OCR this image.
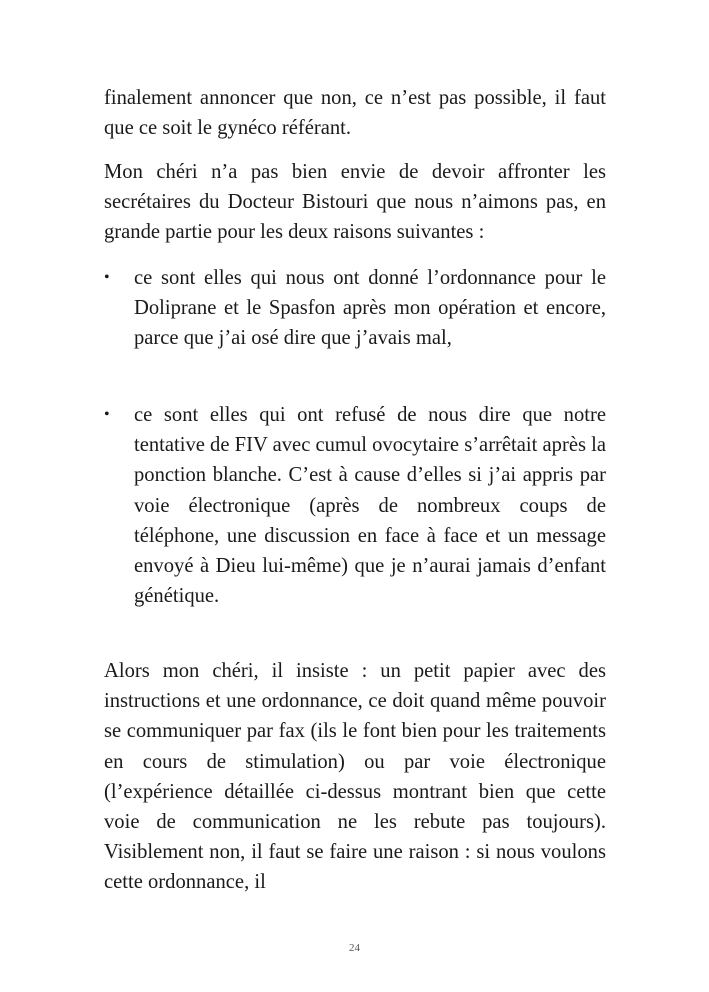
finalement annoncer que non, ce n’est pas possible, il faut que ce soit le gynéco référant.

Mon chéri n’a pas bien envie de devoir affronter les secrétaires du Docteur Bistouri que nous n’aimons pas, en grande partie pour les deux raisons suivantes :

• ce sont elles qui nous ont donné l’ordonnance pour le Doliprane et le Spasfon après mon opération et encore, parce que j’ai osé dire que j’avais mal,
• ce sont elles qui ont refusé de nous dire que notre tentative de FIV avec cumul ovocytaire s’arrêtait après la ponction blanche. C’est à cause d’elles si j’ai appris par voie électronique (après de nombreux coups de téléphone, une discussion en face à face et un message envoyé à Dieu lui-même) que je n’aurai jamais d’enfant génétique.

Alors mon chéri, il insiste : un petit papier avec des instructions et une ordonnance, ce doit quand même pouvoir se communiquer par fax (ils le font bien pour les traitements en cours de stimulation) ou par voie électronique (l’expérience détaillée ci-dessus montrant bien que cette voie de communication ne les rebute pas toujours). Visiblement non, il faut se faire une raison : si nous voulons cette ordonnance, il

24
